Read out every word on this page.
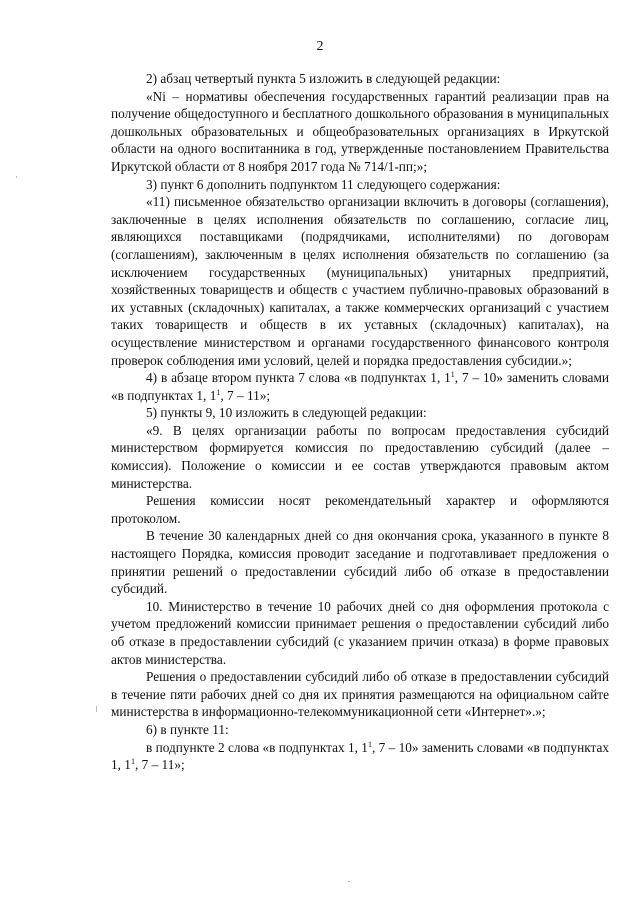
2

2) абзац четвертый пункта 5 изложить в следующей редакции:

«Ni – нормативы обеспечения государственных гарантий реализации прав на получение общедоступного и бесплатного дошкольного образования в муниципальных дошкольных образовательных и общеобразовательных организациях в Иркутской области на одного воспитанника в год, утвержденные постановлением Правительства Иркутской области от 8 ноября 2017 года № 714/1-пп;»;

3) пункт 6 дополнить подпунктом 11 следующего содержания:

«11) письменное обязательство организации включить в договоры (соглашения), заключенные в целях исполнения обязательств по соглашению, согласие лиц, являющихся поставщиками (подрядчиками, исполнителями) по договорам (соглашениям), заключенным в целях исполнения обязательств по соглашению (за исключением государственных (муниципальных) унитарных предприятий, хозяйственных товариществ и обществ с участием публично-правовых образований в их уставных (складочных) капиталах, а также коммерческих организаций с участием таких товариществ и обществ в их уставных (складочных) капиталах), на осуществление министерством и органами государственного финансового контроля проверок соблюдения ими условий, целей и порядка предоставления субсидии.»;

4) в абзаце втором пункта 7 слова «в подпунктах 1, $1^1$, 7 – 10» заменить словами «в подпунктах 1, $1^1$, 7 – 11»;

5) пункты 9, 10 изложить в следующей редакции:

«9. В целях организации работы по вопросам предоставления субсидий министерством формируется комиссия по предоставлению субсидий (далее – комиссия). Положение о комиссии и ее состав утверждаются правовым актом министерства.

Решения комиссии носят рекомендательный характер и оформляются протоколом.

В течение 30 календарных дней со дня окончания срока, указанного в пункте 8 настоящего Порядка, комиссия проводит заседание и подготавливает предложения о принятии решений о предоставлении субсидий либо об отказе в предоставлении субсидий.

10. Министерство в течение 10 рабочих дней со дня оформления протокола с учетом предложений комиссии принимает решения о предоставлении субсидий либо об отказе в предоставлении субсидий (с указанием причин отказа) в форме правовых актов министерства.

Решения о предоставлении субсидий либо об отказе в предоставлении субсидий в течение пяти рабочих дней со дня их принятия размещаются на официальном сайте министерства в информационно-телекоммуникационной сети «Интернет».»;

6) в пункте 11:

в подпункте 2 слова «в подпунктах 1, $1^1$, 7 – 10» заменить словами «в подпунктах 1, $1^1$, 7 – 11»;
